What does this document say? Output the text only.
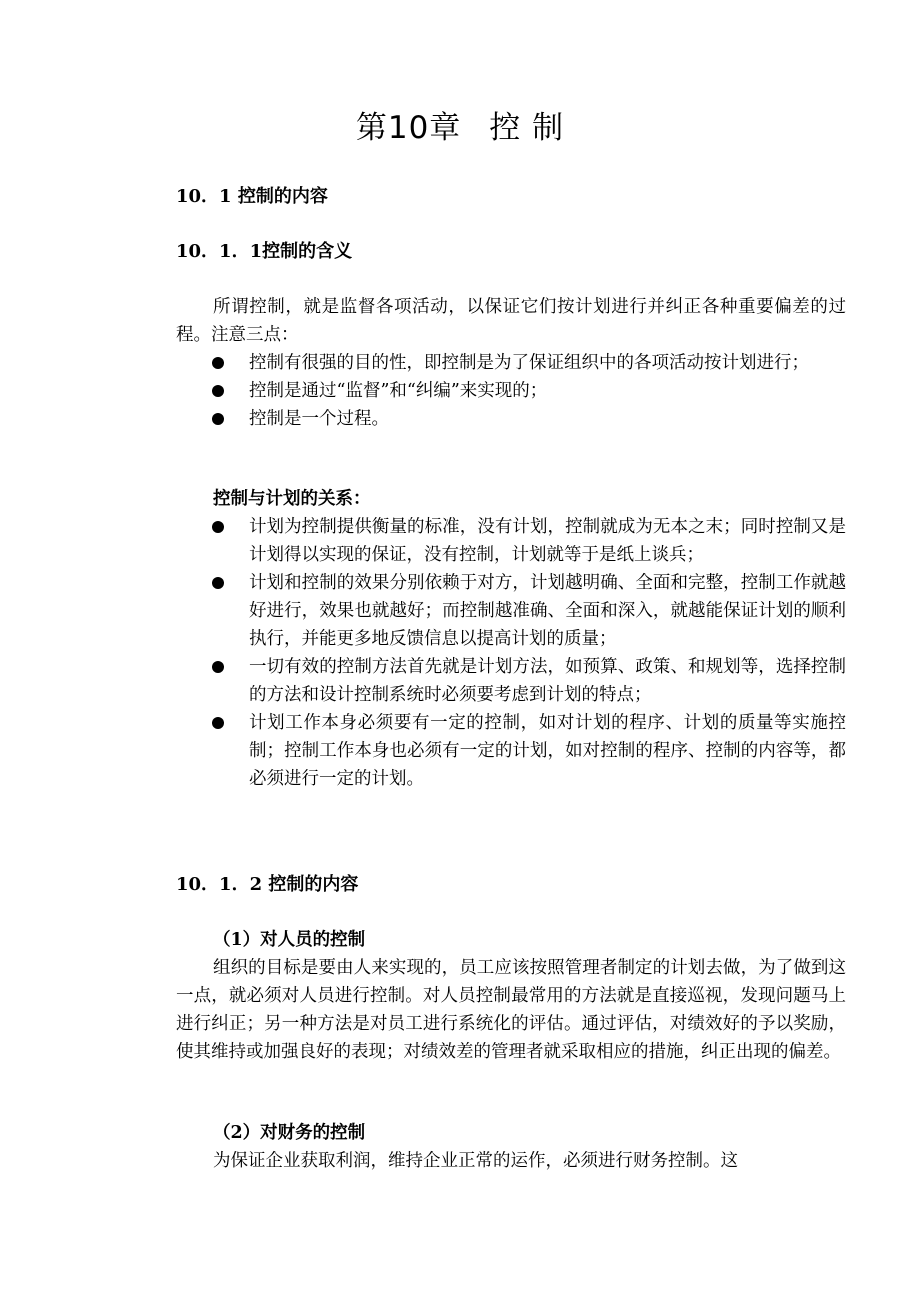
第10章 控 制
10．1 控制的内容
10．1．1控制的含义
所谓控制，就是监督各项活动，以保证它们按计划进行并纠正各种重要偏差的过程。注意三点：
控制有很强的目的性，即控制是为了保证组织中的各项活动按计划进行；
控制是通过“监督”和“纠编”来实现的；
控制是一个过程。
控制与计划的关系：
计划为控制提供衡量的标准，没有计划，控制就成为无本之末；同时控制又是计划得以实现的保证，没有控制，计划就等于是纸上谈兵；
计划和控制的效果分别依赖于对方，计划越明确、全面和完整，控制工作就越好进行，效果也就越好；而控制越准确、全面和深入，就越能保证计划的顺利执行，并能更多地反馈信息以提高计划的质量；
一切有效的控制方法首先就是计划方法，如预算、政策、和规划等，选择控制的方法和设计控制系统时必须要考虑到计划的特点；
计划工作本身必须要有一定的控制，如对计划的程序、计划的质量等实施控制；控制工作本身也必须有一定的计划，如对控制的程序、控制的内容等，都必须进行一定的计划。
10．1．2 控制的内容
（1）对人员的控制
组织的目标是要由人来实现的，员工应该按照管理者制定的计划去做，为了做到这一点，就必须对人员进行控制。对人员控制最常用的方法就是直接巡视，发现问题马上进行纠正；另一种方法是对员工进行系统化的评估。通过评估，对绩效好的予以奖励，使其维持或加强良好的表现；对绩效差的管理者就采取相应的措施，纠正出现的偏差。
（2）对财务的控制
为保证企业获取利润，维持企业正常的运作，必须进行财务控制。这
